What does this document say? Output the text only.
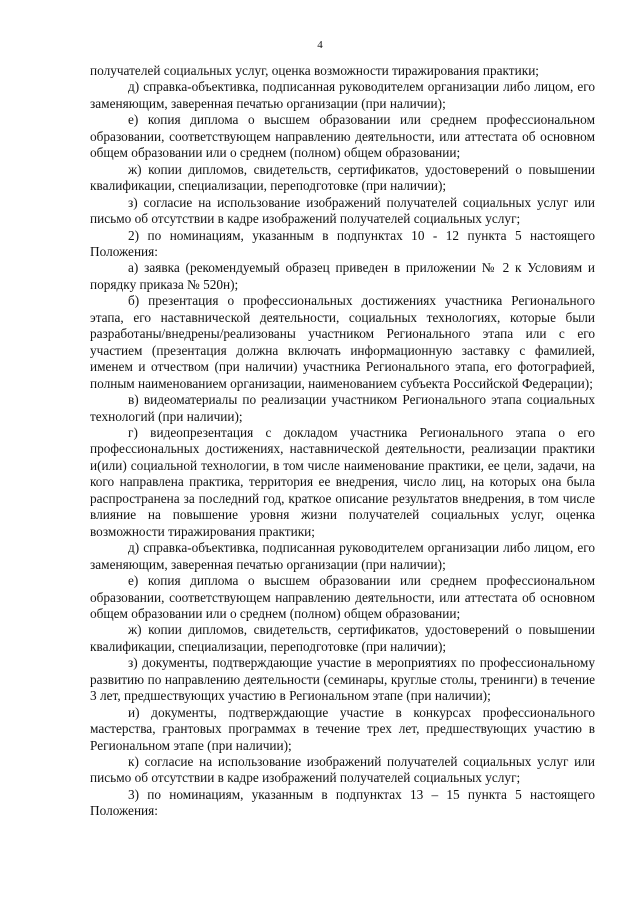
4

получателей социальных услуг, оценка возможности тиражирования практики;

д) справка-объективка, подписанная руководителем организации либо лицом, его заменяющим, заверенная печатью организации (при наличии);

е) копия диплома о высшем образовании или среднем профессиональном образовании, соответствующем направлению деятельности, или аттестата об основном общем образовании или о среднем (полном) общем образовании;

ж) копии дипломов, свидетельств, сертификатов, удостоверений о повышении квалификации, специализации, переподготовке (при наличии);

з) согласие на использование изображений получателей социальных услуг или письмо об отсутствии в кадре изображений получателей социальных услуг;

2) по номинациям, указанным в подпунктах 10 - 12 пункта 5 настоящего Положения:

а) заявка (рекомендуемый образец приведен в приложении № 2 к Условиям и порядку приказа № 520н);

б) презентация о профессиональных достижениях участника Регионального этапа, его наставнической деятельности, социальных технологиях, которые были разработаны/внедрены/реализованы участником Регионального этапа или с его участием (презентация должна включать информационную заставку с фамилией, именем и отчеством (при наличии) участника Регионального этапа, его фотографией, полным наименованием организации, наименованием субъекта Российской Федерации);

в) видеоматериалы по реализации участником Регионального этапа социальных технологий (при наличии);

г) видеопрезентация с докладом участника Регионального этапа о его профессиональных достижениях, наставнической деятельности, реализации практики и(или) социальной технологии, в том числе наименование практики, ее цели, задачи, на кого направлена практика, территория ее внедрения, число лиц, на которых она была распространена за последний год, краткое описание результатов внедрения, в том числе влияние на повышение уровня жизни получателей социальных услуг, оценка возможности тиражирования практики;

д) справка-объективка, подписанная руководителем организации либо лицом, его заменяющим, заверенная печатью организации (при наличии);

е) копия диплома о высшем образовании или среднем профессиональном образовании, соответствующем направлению деятельности, или аттестата об основном общем образовании или о среднем (полном) общем образовании;

ж) копии дипломов, свидетельств, сертификатов, удостоверений о повышении квалификации, специализации, переподготовке (при наличии);

з) документы, подтверждающие участие в мероприятиях по профессиональному развитию по направлению деятельности (семинары, круглые столы, тренинги) в течение 3 лет, предшествующих участию в Региональном этапе (при наличии);

и) документы, подтверждающие участие в конкурсах профессионального мастерства, грантовых программах в течение трех лет, предшествующих участию в Региональном этапе (при наличии);

к) согласие на использование изображений получателей социальных услуг или письмо об отсутствии в кадре изображений получателей социальных услуг;

3) по номинациям, указанным в подпунктах 13 – 15 пункта 5 настоящего Положения:
